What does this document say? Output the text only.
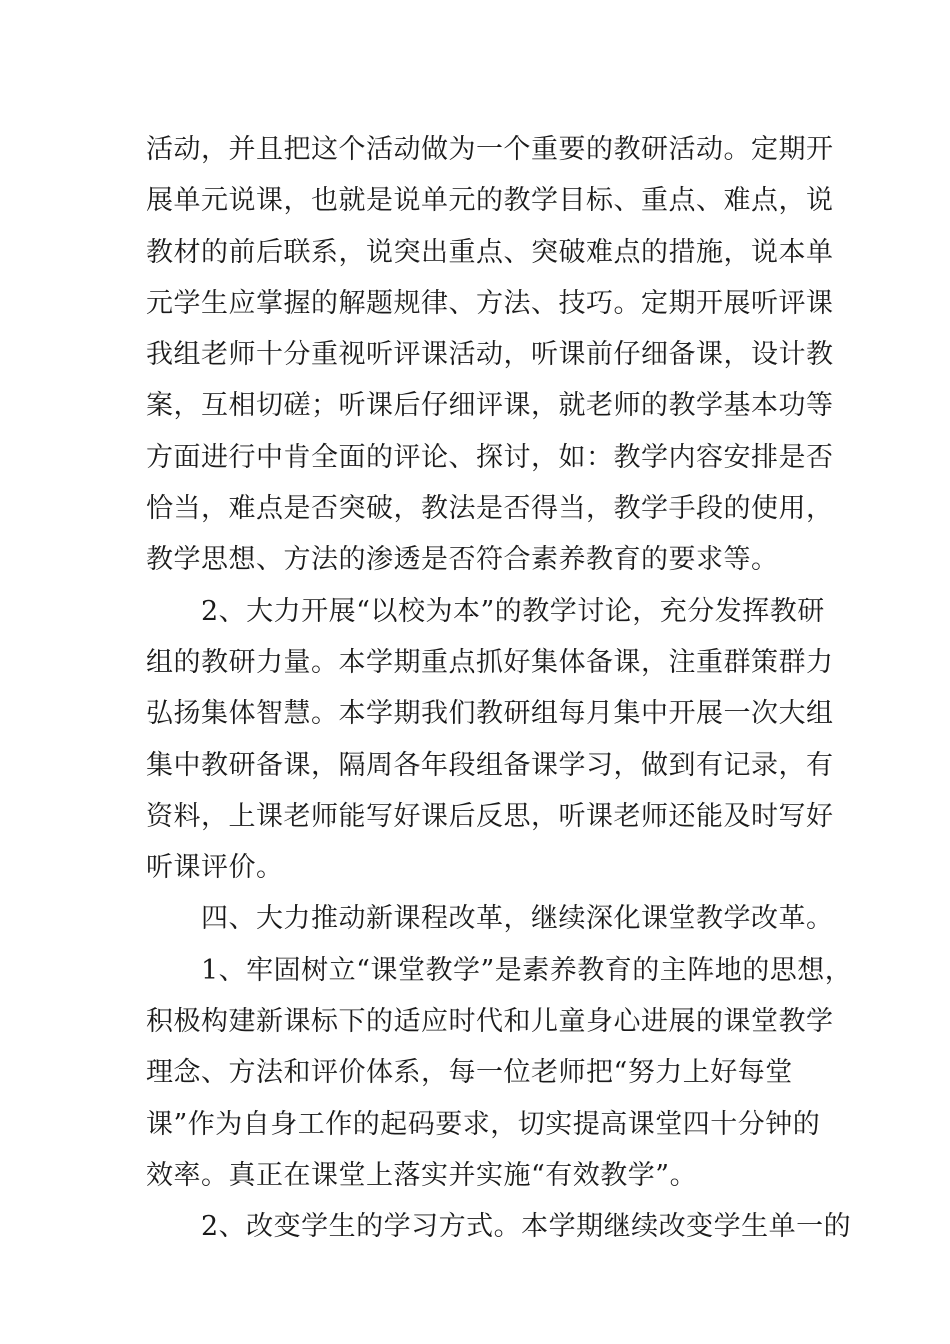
活动，并且把这个活动做为一个重要的教研活动。定期开
展单元说课，也就是说单元的教学目标、重点、难点，说
教材的前后联系，说突出重点、突破难点的措施，说本单
元学生应掌握的解题规律、方法、技巧。定期开展听评课
我组老师十分重视听评课活动，听课前仔细备课，设计教
案，互相切磋；听课后仔细评课，就老师的教学基本功等
方面进行中肯全面的评论、探讨，如：教学内容安排是否
恰当，难点是否突破，教法是否得当，教学手段的使用，
教学思想、方法的渗透是否符合素养教育的要求等。
　　2、大力开展“以校为本”的教学讨论，充分发挥教研
组的教研力量。本学期重点抓好集体备课，注重群策群力
弘扬集体智慧。本学期我们教研组每月集中开展一次大组
集中教研备课，隔周各年段组备课学习，做到有记录，有
资料，上课老师能写好课后反思，听课老师还能及时写好
听课评价。
　　四、大力推动新课程改革，继续深化课堂教学改革。
　　1、牢固树立“课堂教学”是素养教育的主阵地的思想，
积极构建新课标下的适应时代和儿童身心进展的课堂教学
理念、方法和评价体系，每一位老师把“努力上好每堂
课”作为自身工作的起码要求，切实提高课堂四十分钟的
效率。真正在课堂上落实并实施“有效教学”。
　　2、改变学生的学习方式。本学期继续改变学生单一的
